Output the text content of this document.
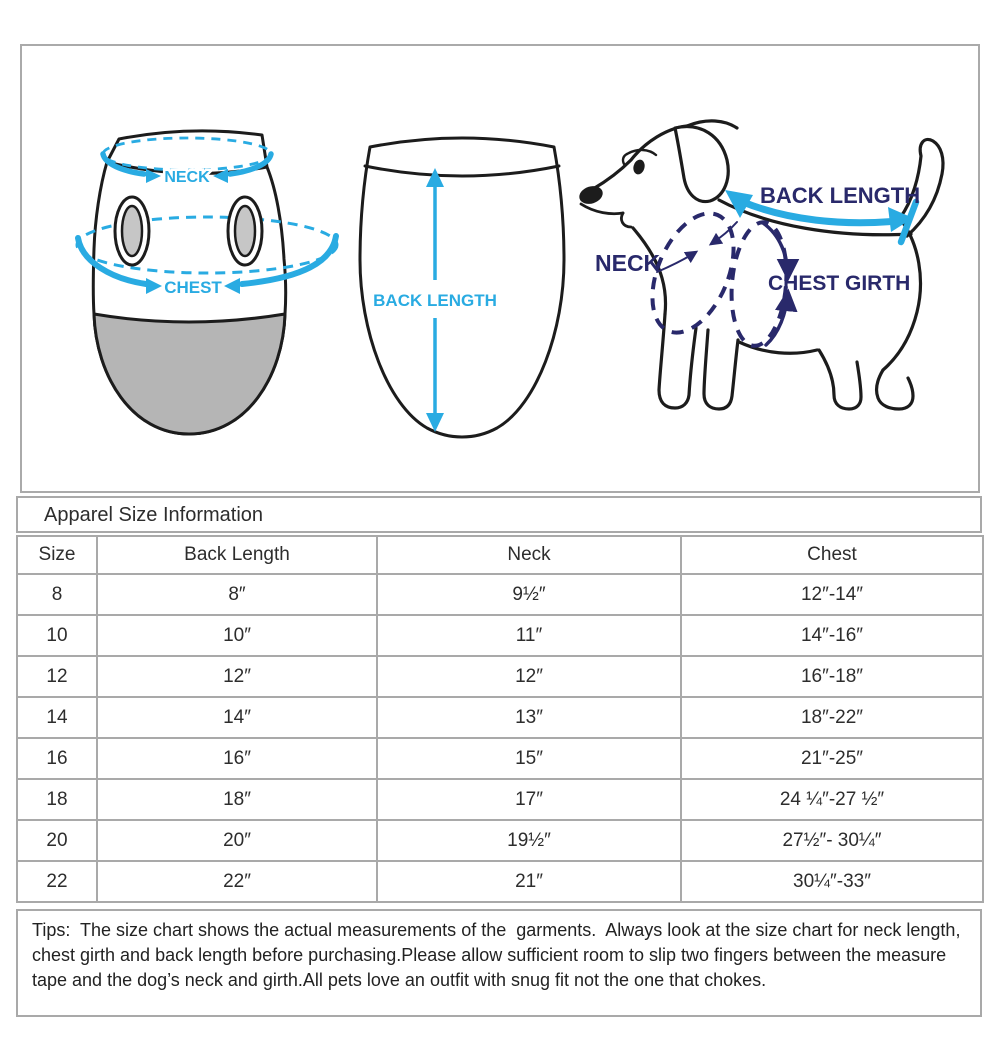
NECK
CHEST
BACK LENGTH
NECK
CHEST GIRTH
BACK LENGTH
Apparel Size Information
Size	Back Length	Neck	Chest
8	8″	9½″	12″-14″
10	10″	11″	14″-16″
12	12″	12″	16″-18″
14	14″	13″	18″-22″
16	16″	15″	21″-25″
18	18″	17″	24 ¼″-27 ½″
20	20″	19½″	27½″- 30¼″
22	22″	21″	30¼″-33″
Tips:  The size chart shows the actual measurements of the  garments.  Always look at the size chart for neck length, chest girth and back length before purchasing.Please allow sufficient room to slip two fingers between the measure tape and the dog’s neck and girth.All pets love an outfit with snug fit not the one that chokes.
